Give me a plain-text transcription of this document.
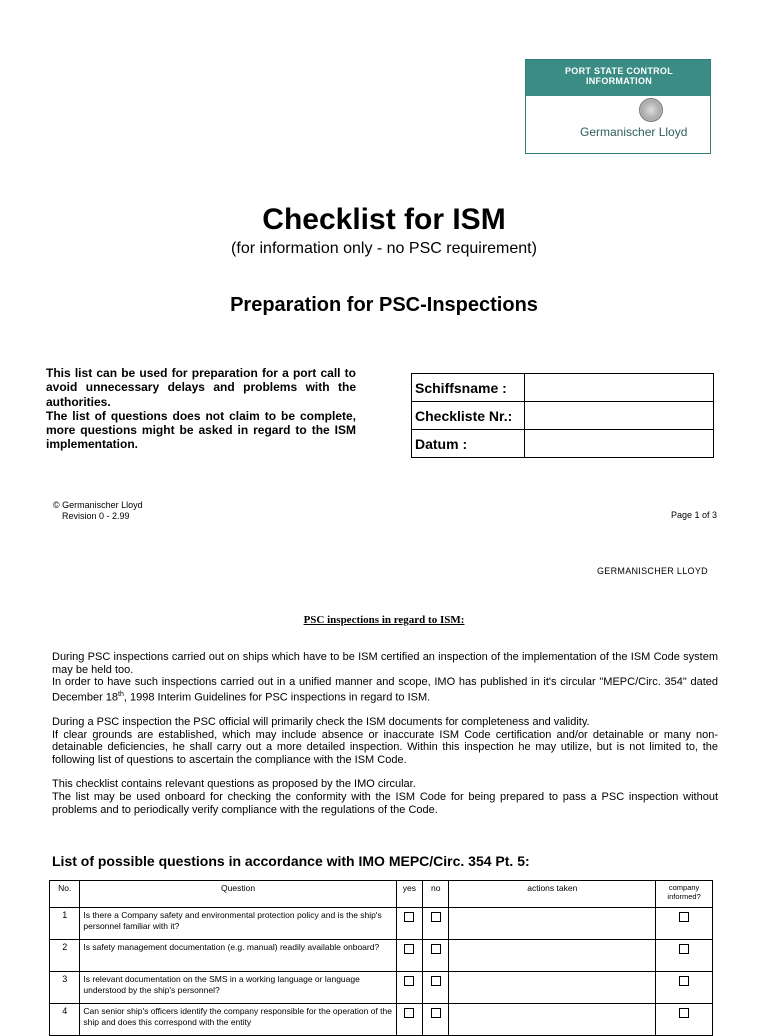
PORT STATE CONTROL
INFORMATION
Germanischer Lloyd
Checklist for ISM
(for information only - no PSC requirement)
Preparation for PSC-Inspections
This list can be used for preparation for a port call to avoid unnecessary delays and problems with the authorities.
The list of questions does not claim to be complete, more questions might be asked in regard to the ISM implementation.
Schiffsname :	
Checkliste Nr.:	
Datum :	
© Germanischer Lloyd
Revision 0 - 2.99	Page 1 of 3
GERMANISCHER LLOYD
PSC inspections in regard to ISM:

During PSC inspections carried out on ships which have to be ISM certified an inspection of the implementation of the ISM Code system may be held too.
In order to have such inspections carried out in a unified manner and scope, IMO has published in it's circular "MEPC/Circ. 354" dated December 18th, 1998 Interim Guidelines for PSC inspections in regard to ISM.

During a PSC inspection the PSC official will primarily check the ISM documents for completeness and validity.
If clear grounds are established, which may include absence or inaccurate ISM Code certification and/or detainable or many non-detainable deficiencies, he shall carry out a more detailed inspection. Within this inspection he may utilize, but is not limited to, the following list of questions to ascertain the compliance with the ISM Code.

This checklist contains relevant questions as proposed by the IMO circular.
The list may be used onboard for checking the conformity with the ISM Code for being prepared to pass a PSC inspection without problems and to periodically verify compliance with the regulations of the Code.

List of possible questions in accordance with IMO MEPC/Circ. 354 Pt. 5:
No.	Question	yes	no	actions taken	company informed?
1	Is there a Company safety and environmental protection policy and is the ship's personnel familiar with it?				
2	Is safety management documentation (e.g. manual) readily available onboard?				
3	Is relevant documentation on the SMS in a working language or language understood by the ship's personnel?				
4	Can senior ship's officers identify the company responsible for the operation of the ship and does this correspond with the entity				
